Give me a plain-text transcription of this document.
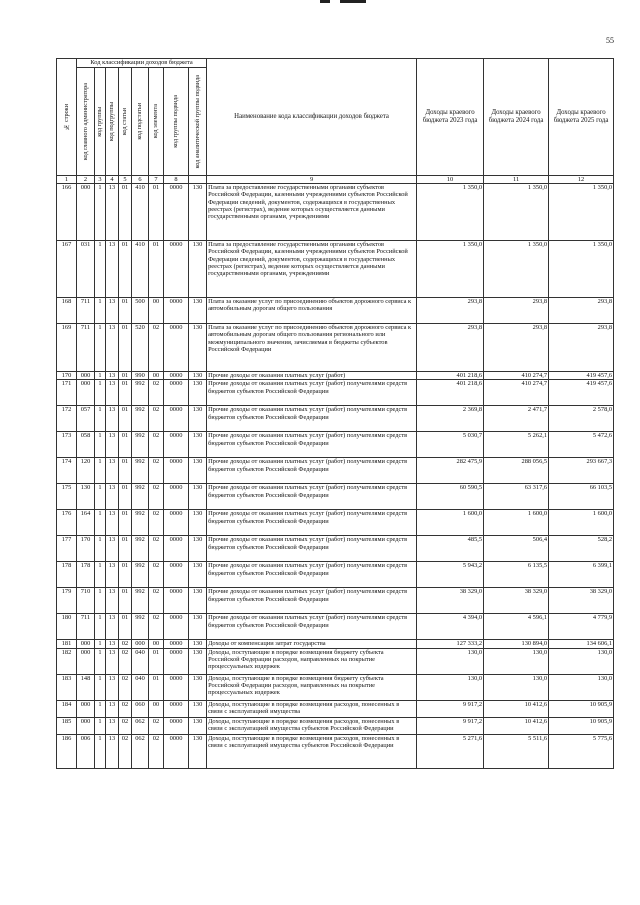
55
№ строки	Код классификации доходов бюджета								Наименование кода классификации доходов бюджета	Доходы краевого бюджета 2023 года	Доходы краевого бюджета 2024 года	Доходы краевого бюджета 2025 года

	код главного администратора	код группы	код подгруппы	код статьи	код подстатьи	код элемента	код группы подвида	код аналитической группы подвида				

1	2	3	4	5	6	7	8		9	10	11	12
166	000	1	13	01	410	01	0000	130	Плата за предоставление государственными органами субъектов Российской Федерации, казенными учреждениями субъектов Российской Федерации сведений, документов, содержащихся в государственных реестрах (регистрах), ведение которых осуществляется данными государственными органами, учреждениями	1 350,0	1 350,0	1 350,0
167	031	1	13	01	410	01	0000	130	Плата за предоставление государственными органами субъектов Российской Федерации, казенными учреждениями субъектов Российской Федерации сведений, документов, содержащихся в государственных реестрах (регистрах), ведение которых осуществляется данными государственными органами, учреждениями	1 350,0	1 350,0	1 350,0
168	711	1	13	01	500	00	0000	130	Плата за оказание услуг по присоединению объектов дорожного сервиса к автомобильным дорогам общего пользования	293,8	293,8	293,8
169	711	1	13	01	520	02	0000	130	Плата за оказание услуг по присоединению объектов дорожного сервиса к автомобильным дорогам общего пользования регионального или межмуниципального значения, зачисляемая в бюджеты субъектов Российской Федерации	293,8	293,8	293,8
170	000	1	13	01	990	00	0000	130	Прочие доходы от оказания платных услуг (работ)	401 218,6	410 274,7	419 457,6
171	000	1	13	01	992	02	0000	130	Прочие доходы от оказания платных услуг (работ) получателями средств бюджетов субъектов Российской Федерации	401 218,6	410 274,7	419 457,6
172	057	1	13	01	992	02	0000	130	Прочие доходы от оказания платных услуг (работ) получателями средств бюджетов субъектов Российской Федерации	2 369,8	2 471,7	2 578,0
173	058	1	13	01	992	02	0000	130	Прочие доходы от оказания платных услуг (работ) получателями средств бюджетов субъектов Российской Федерации	5 030,7	5 262,1	5 472,6
174	120	1	13	01	992	02	0000	130	Прочие доходы от оказания платных услуг (работ) получателями средств бюджетов субъектов Российской Федерации	282 475,9	288 056,5	293 667,3
175	130	1	13	01	992	02	0000	130	Прочие доходы от оказания платных услуг (работ) получателями средств бюджетов субъектов Российской Федерации	60 590,5	63 317,6	66 103,5
176	164	1	13	01	992	02	0000	130	Прочие доходы от оказания платных услуг (работ) получателями средств бюджетов субъектов Российской Федерации	1 600,0	1 600,0	1 600,0
177	170	1	13	01	992	02	0000	130	Прочие доходы от оказания платных услуг (работ) получателями средств бюджетов субъектов Российской Федерации	485,5	506,4	528,2
178	178	1	13	01	992	02	0000	130	Прочие доходы от оказания платных услуг (работ) получателями средств бюджетов субъектов Российской Федерации	5 943,2	6 135,5	6 399,1
179	710	1	13	01	992	02	0000	130	Прочие доходы от оказания платных услуг (работ) получателями средств бюджетов субъектов Российской Федерации	38 329,0	38 329,0	38 329,0
180	711	1	13	01	992	02	0000	130	Прочие доходы от оказания платных услуг (работ) получателями средств бюджетов субъектов Российской Федерации	4 394,0	4 596,1	4 779,9
181	000	1	13	02	000	00	0000	130	Доходы от компенсации затрат государства	127 333,2	130 894,0	134 606,1
182	000	1	13	02	040	01	0000	130	Доходы, поступающие в порядке возмещения бюджету субъекта Российской Федерации расходов, направленных на покрытие процессуальных издержек	130,0	130,0	130,0
183	148	1	13	02	040	01	0000	130	Доходы, поступающие в порядке возмещения бюджету субъекта Российской Федерации расходов, направленных на покрытие процессуальных издержек	130,0	130,0	130,0
184	000	1	13	02	060	00	0000	130	Доходы, поступающие в порядке возмещения расходов, понесенных в связи с эксплуатацией имущества	9 917,2	10 412,6	10 905,9
185	000	1	13	02	062	02	0000	130	Доходы, поступающие в порядке возмещения расходов, понесенных в связи с эксплуатацией имущества субъектов Российской Федерации	9 917,2	10 412,6	10 905,9
186	006	1	13	02	062	02	0000	130	Доходы, поступающие в порядке возмещения расходов, понесенных в связи с эксплуатацией имущества субъектов Российской Федерации	5 271,6	5 511,6	5 775,6
